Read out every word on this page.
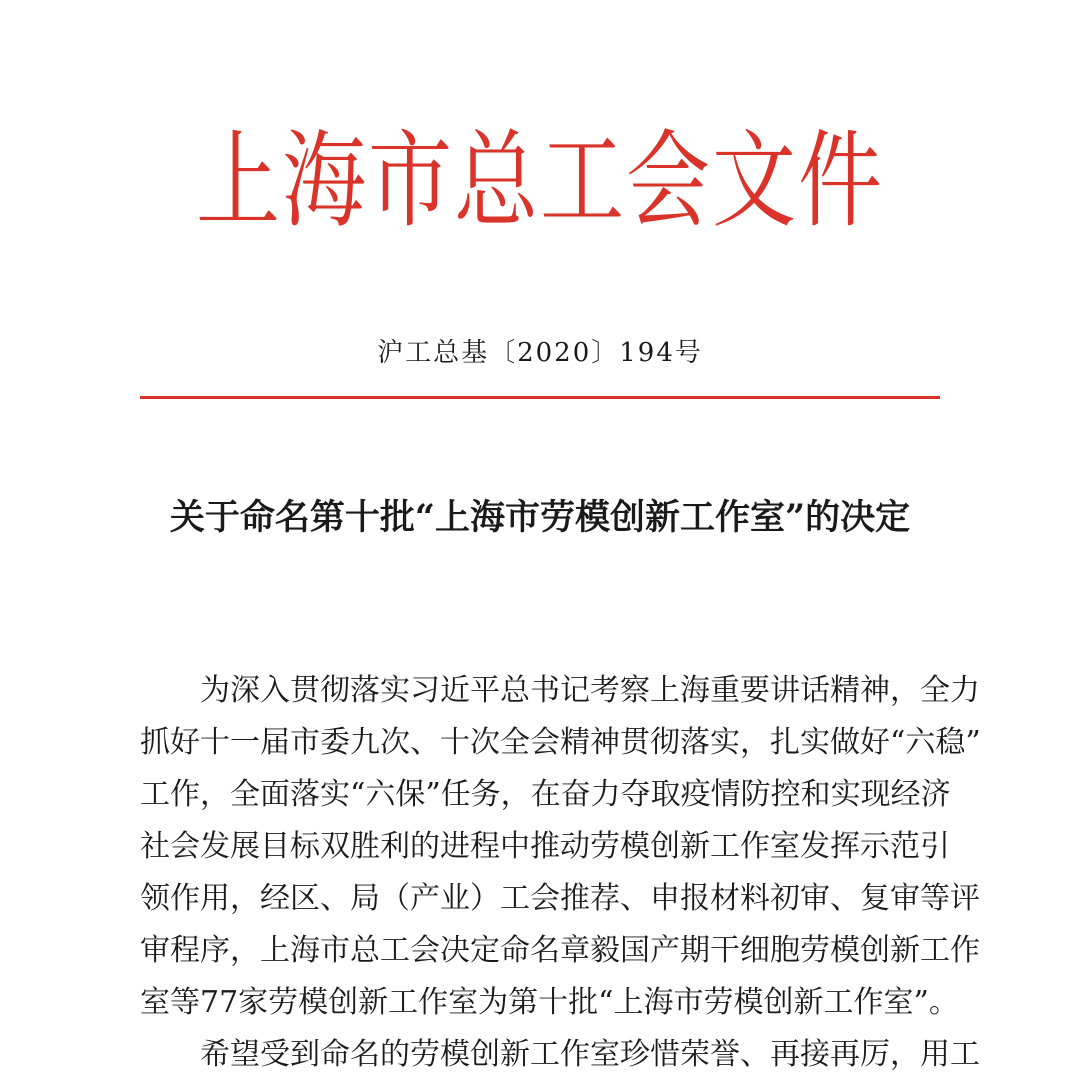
上海市总工会文件
沪工总基〔2020〕194号
关于命名第十批“上海市劳模创新工作室”的决定
为深入贯彻落实习近平总书记考察上海重要讲话精神，全力
抓好十一届市委九次、十次全会精神贯彻落实，扎实做好“六稳”
工作，全面落实“六保”任务，在奋力夺取疫情防控和实现经济
社会发展目标双胜利的进程中推动劳模创新工作室发挥示范引
领作用，经区、局（产业）工会推荐、申报材料初审、复审等评
审程序，上海市总工会决定命名章毅国产期干细胞劳模创新工作
室等77家劳模创新工作室为第十批“上海市劳模创新工作室”。
希望受到命名的劳模创新工作室珍惜荣誉、再接再厉，用工
